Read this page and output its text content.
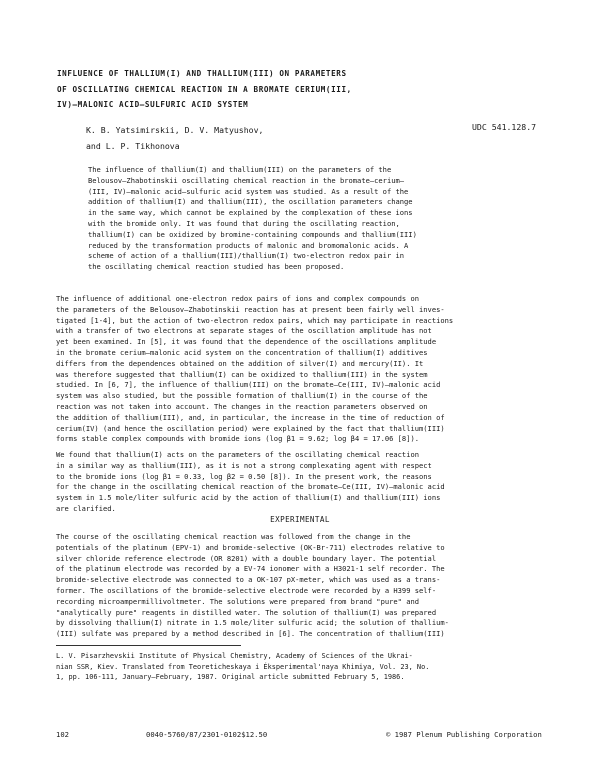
INFLUENCE OF THALLIUM(I) AND THALLIUM(III) ON PARAMETERS
OF OSCILLATING CHEMICAL REACTION IN A BROMATE CERIUM(III,
IV)—MALONIC ACID—SULFURIC ACID SYSTEM
K. B. Yatsimirskii, D. V. Matyushov,
and L. P. Tikhonova
UDC 541.128.7
The influence of thallium(I) and thallium(III) on the parameters of the
Belousov—Zhabotinskii oscillating chemical reaction in the bromate—cerium—
(III, IV)—malonic acid—sulfuric acid system was studied. As a result of the
addition of thallium(I) and thallium(III), the oscillation parameters change
in the same way, which cannot be explained by the complexation of these ions
with the bromide only. It was found that during the oscillating reaction,
thallium(I) can be oxidized by bromine-containing compounds and thallium(III)
reduced by the transformation products of malonic and bromomalonic acids. A
scheme of action of a thallium(III)/thallium(I) two-electron redox pair in
the oscillating chemical reaction studied has been proposed.
The influence of additional one-electron redox pairs of ions and complex compounds on
the parameters of the Belousov—Zhabotinskii reaction has at present been fairly well inves-
tigated [1-4], but the action of two-electron redox pairs, which may participate in reactions
with a transfer of two electrons at separate stages of the oscillation amplitude has not
yet been examined. In [5], it was found that the dependence of the oscillations amplitude
in the bromate cerium—malonic acid system on the concentration of thallium(I) additives
differs from the dependences obtained on the addition of silver(I) and mercury(II). It
was therefore suggested that thallium(I) can be oxidized to thallium(III) in the system
studied. In [6, 7], the influence of thallium(III) on the bromate—Ce(III, IV)—malonic acid
system was also studied, but the possible formation of thallium(I) in the course of the
reaction was not taken into account. The changes in the reaction parameters observed on
the addition of thallium(III), and, in particular, the increase in the time of reduction of
cerium(IV) (and hence the oscillation period) were explained by the fact that thallium(III)
forms stable complex compounds with bromide ions (log β1 = 9.62; log β4 = 17.06 [8]).
We found that thallium(I) acts on the parameters of the oscillating chemical reaction
in a similar way as thallium(III), as it is not a strong complexating agent with respect
to the bromide ions (log β1 = 0.33, log β2 = 0.50 [8]). In the present work, the reasons
for the change in the oscillating chemical reaction of the bromate—Ce(III, IV)—malonic acid
system in 1.5 mole/liter sulfuric acid by the action of thallium(I) and thallium(III) ions
are clarified.
EXPERIMENTAL
The course of the oscillating chemical reaction was followed from the change in the
potentials of the platinum (EPV-1) and bromide-selective (OK-Br-711) electrodes relative to
silver chloride reference electrode (OR 8201) with a double boundary layer. The potential
of the platinum electrode was recorded by a EV-74 ionomer with a H3021-1 self recorder. The
bromide-selective electrode was connected to a OK-107 pX-meter, which was used as a trans-
former. The oscillations of the bromide-selective electrode were recorded by a H399 self-
recording microampermillivoltmeter. The solutions were prepared from brand "pure" and
"analytically pure" reagents in distilled water. The solution of thallium(I) was prepared
by dissolving thallium(I) nitrate in 1.5 mole/liter sulfuric acid; the solution of thallium-
(III) sulfate was prepared by a method described in [6]. The concentration of thallium(III)
L. V. Pisarzhevskii Institute of Physical Chemistry, Academy of Sciences of the Ukrai-
nian SSR, Kiev. Translated from Teoreticheskaya i Éksperimental'naya Khimiya, Vol. 23, No.
1, pp. 106-111, January—February, 1987. Original article submitted February 5, 1986.
102	0040-5760/87/2301-0102$12.50	© 1987 Plenum Publishing Corporation
